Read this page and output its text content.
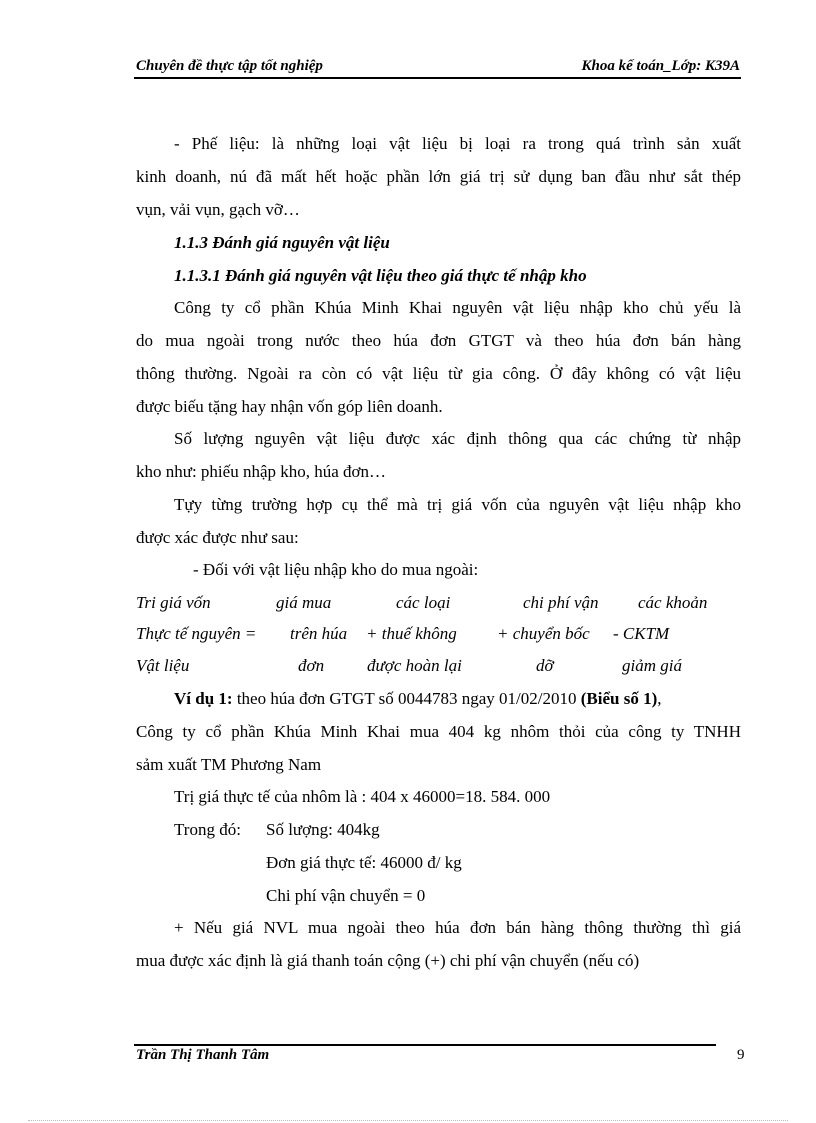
Chuyên đề thực tập tốt nghiệp	Khoa kế toán_Lớp: K39A
- Phế liệu: là những loại vật liệu bị loại ra trong quá trình sản xuất
kinh doanh, nú đã mất hết hoặc phần lớn giá trị sử dụng ban đầu như sắt thép
vụn, vải vụn, gạch vỡ…
1.1.3 Đánh giá nguyên vật liệu
1.1.3.1 Đánh giá nguyên vật liệu theo giá thực tế nhập kho
Công ty cổ phần Khúa Minh Khai nguyên vật liệu nhập kho chủ yếu là
do mua ngoài trong nước theo húa đơn GTGT và theo húa đơn bán hàng
thông thường. Ngoài ra còn có vật liệu từ gia công. Ở đây không có vật liệu
được biếu tặng hay nhận vốn góp liên doanh.
Số lượng nguyên vật liệu được xác định thông qua các chứng từ nhập
kho như: phiếu nhập kho, húa đơn…
Tựy từng trường hợp cụ thể mà trị giá vốn của nguyên vật liệu nhập kho
được xác được như sau:
- Đối với vật liệu nhập kho do mua ngoài:
Tri giá vốn	giá mua	các loại	chi phí vận các khoản
Thực tế nguyên = trên húa + thuế không + chuyển bốc - CKTM
Vật liệu	đơn	được hoàn lại	dỡ	giảm giá
Ví dụ 1: theo húa đơn GTGT số 0044783 ngay 01/02/2010 (Biểu số 1),
Công ty cổ phần Khúa Minh Khai mua 404 kg nhôm thỏi của công ty TNHH
sảm xuất TM Phương Nam
Trị giá thực tế của nhôm là : 404 x 46000=18. 584. 000
Trong đó:	Số lượng: 404kg
Đơn giá thực tế: 46000 đ/ kg
Chi phí vận chuyển = 0
+ Nếu giá NVL mua ngoài theo húa đơn bán hàng thông thường thì giá
mua được xác định là giá thanh toán cộng (+) chi phí vận chuyển (nếu có)
Trần Thị Thanh Tâm	9
